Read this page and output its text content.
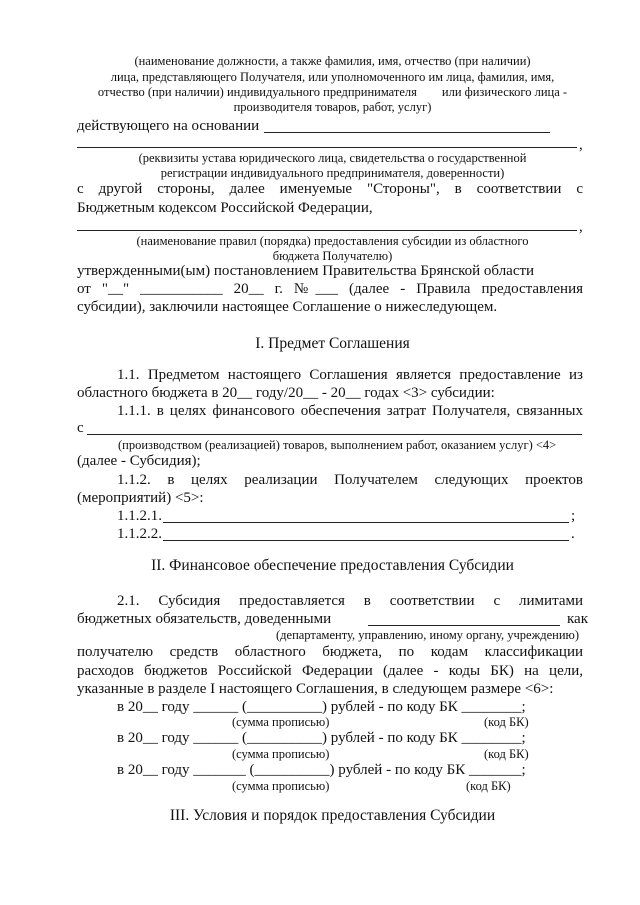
(наименование должности, а также фамилия, имя, отчество (при наличии)
лица, представляющего Получателя, или уполномоченного им лица, фамилия, имя,
отчество (при наличии) индивидуального предпринимателя        или физического лица -
производителя товаров, работ, услуг)
действующего на основании
,
(реквизиты устава юридического лица, свидетельства о государственной
регистрации индивидуального предпринимателя, доверенности)
с другой стороны, далее именуемые "Стороны", в соответствии с
Бюджетным кодексом Российской Федерации,
,
(наименование правил (порядка) предоставления субсидии из областного
бюджета Получателю)
утвержденными(ым) постановлением Правительства Брянской области
от "__" ___________ 20__ г. №___ (далее - Правила предоставления
субсидии), заключили настоящее Соглашение о нижеследующем.
I. Предмет Соглашения
1.1. Предметом настоящего Соглашения является предоставление из
областного бюджета в 20__ году/20__ - 20__ годах <3> субсидии:
1.1.1. в целях финансового обеспечения затрат Получателя, связанных
с
(производством (реализацией) товаров, выполнением работ, оказанием услуг) <4>
(далее - Субсидия);
1.1.2. в целях реализации Получателем следующих проектов
(мероприятий) <5>:
1.1.2.1.	;
1.1.2.2.	.
II. Финансовое обеспечение предоставления Субсидии
2.1. Субсидия предоставляется в соответствии с лимитами
бюджетных обязательств, доведенными	как
(департаменту, управлению, иному органу, учреждению)
получателю средств областного бюджета, по кодам классификации
расходов бюджетов Российской Федерации (далее - коды БК) на цели,
указанные в разделе I настоящего Соглашения, в следующем размере <6>:
в 20__ году ______ (__________) рублей - по коду БК ________;
(сумма прописью)	(код БК)
в 20__ году ______ (__________) рублей - по коду БК ________;
(сумма прописью)	(код БК)
в 20__ году _______ (__________) рублей - по коду БК _______;
(сумма прописью)	(код БК)
III. Условия и порядок предоставления Субсидии
